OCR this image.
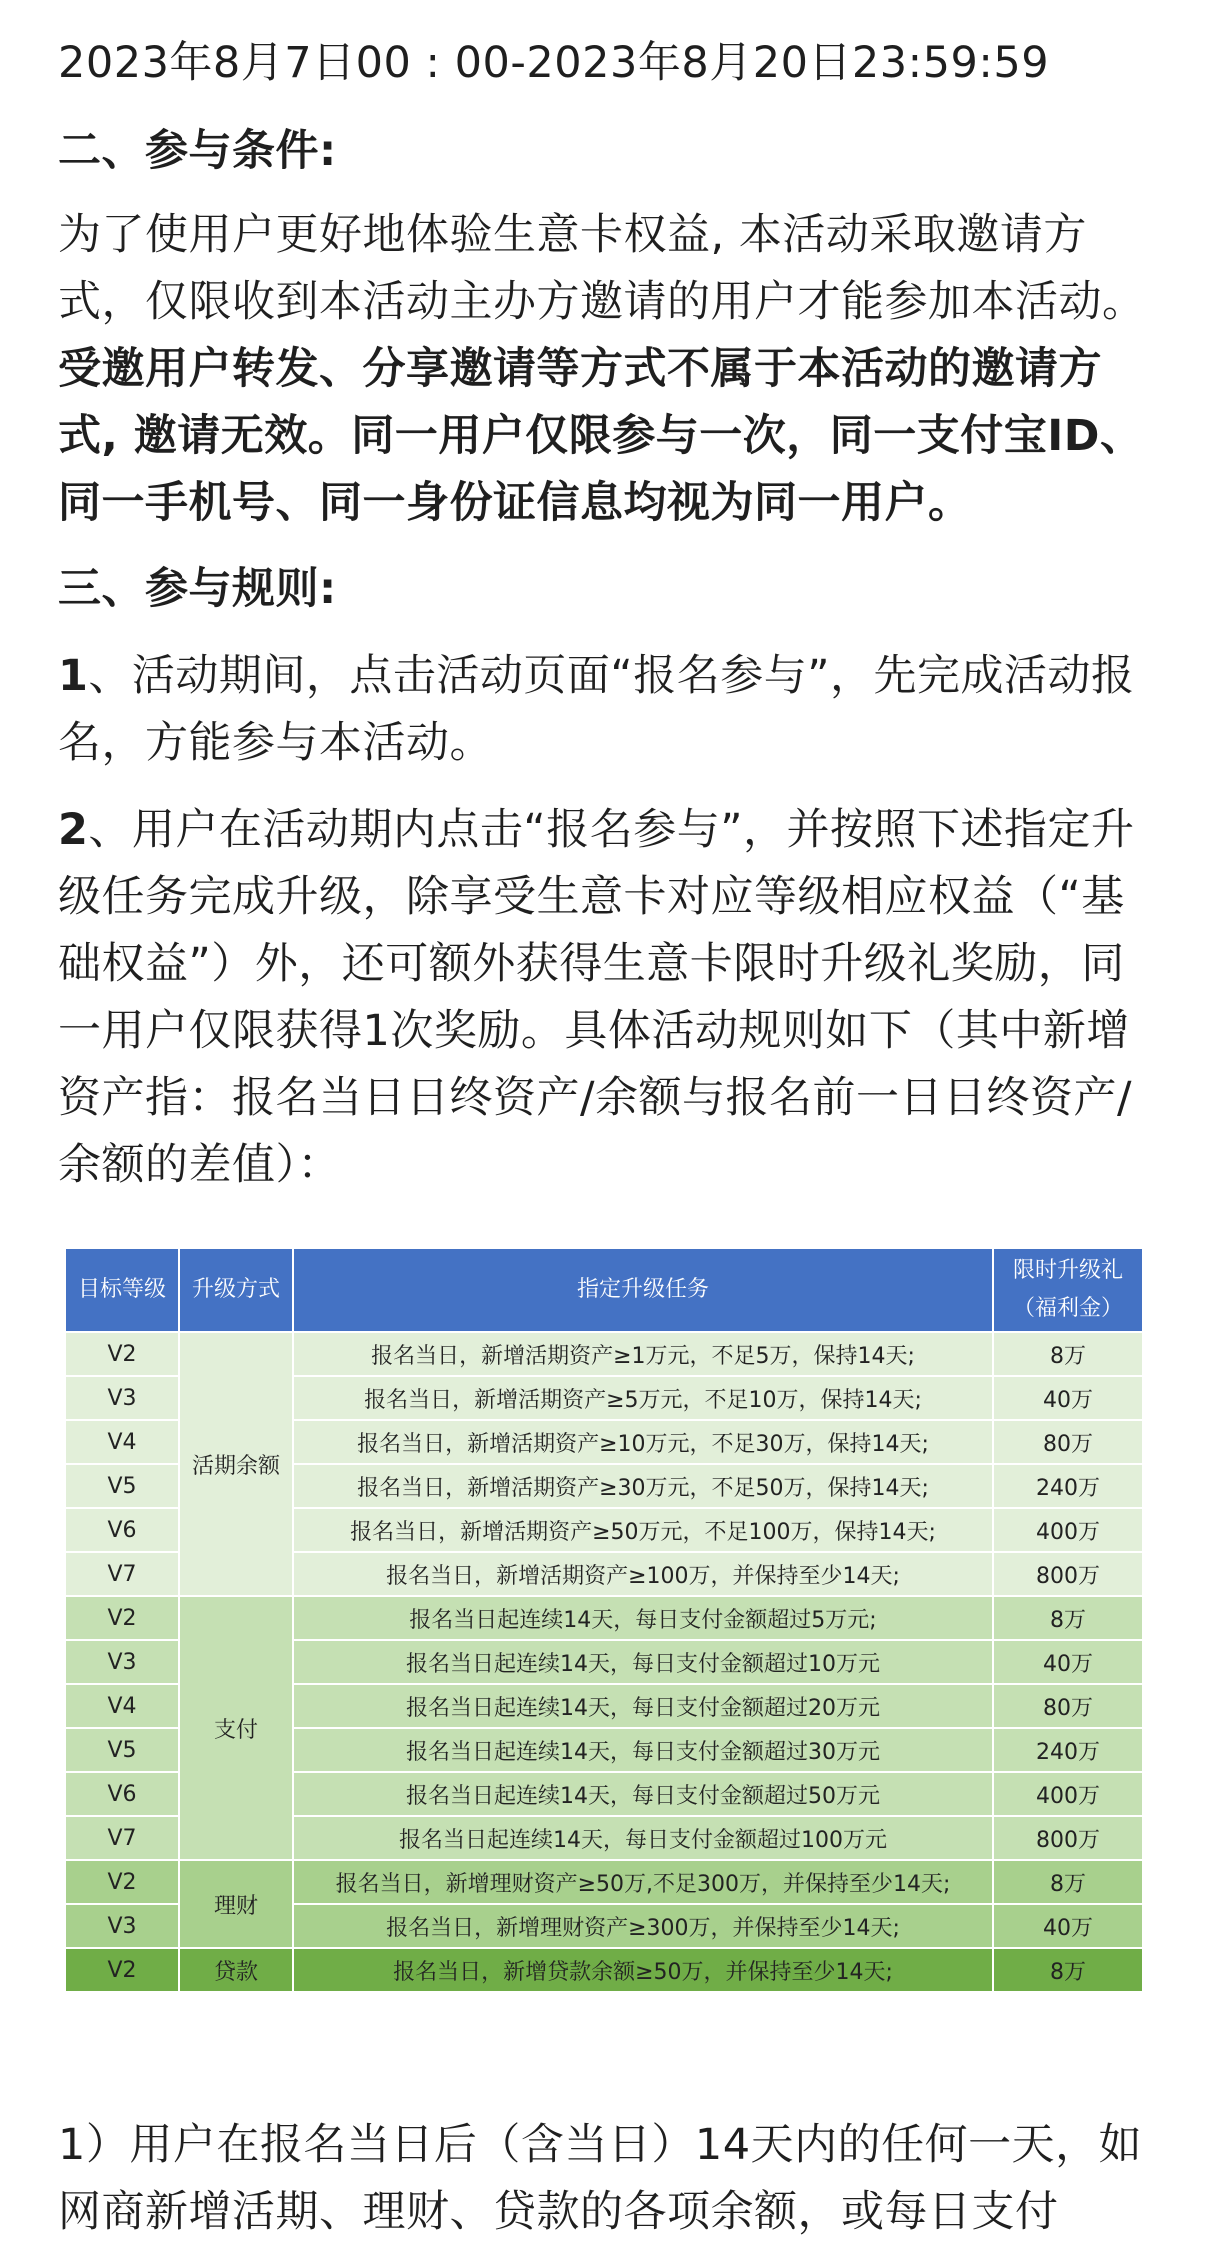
2023年8月7日00 : 00-2023年8月20日23:59:59

二、参与条件:

为了使用户更好地体验生意卡权益, 本活动采取邀请方式，仅限收到本活动主办方邀请的用户才能参加本活动。受邀用户转发、分享邀请等方式不属于本活动的邀请方式, 邀请无效。同一用户仅限参与一次，同一支付宝ID、同一手机号、同一身份证信息均视为同一用户。

三、参与规则:

1、活动期间，点击活动页面“报名参与”，先完成活动报名，方能参与本活动。

2、用户在活动期内点击“报名参与”，并按照下述指定升级任务完成升级，除享受生意卡对应等级相应权益（“基础权益”）外，还可额外获得生意卡限时升级礼奖励，同一用户仅限获得1次奖励。具体活动规则如下（其中新增资产指：报名当日日终资产/余额与报名前一日日终资产/余额的差值）：

目标等级	升级方式	指定升级任务	限时升级礼（福利金）
V2	活期余额	报名当日，新增活期资产≥1万元，不足5万，保持14天;	8万
V3		报名当日，新增活期资产≥5万元，不足10万，保持14天;	40万
V4		报名当日，新增活期资产≥10万元，不足30万，保持14天;	80万
V5		报名当日，新增活期资产≥30万元，不足50万，保持14天;	240万
V6		报名当日，新增活期资产≥50万元，不足100万，保持14天;	400万
V7		报名当日，新增活期资产≥100万，并保持至少14天;	800万
V2	支付	报名当日起连续14天，每日支付金额超过5万元;	8万
V3		报名当日起连续14天，每日支付金额超过10万元	40万
V4		报名当日起连续14天，每日支付金额超过20万元	80万
V5		报名当日起连续14天，每日支付金额超过30万元	240万
V6		报名当日起连续14天，每日支付金额超过50万元	400万
V7		报名当日起连续14天，每日支付金额超过100万元	800万
V2	理财	报名当日，新增理财资产≥50万,不足300万，并保持至少14天;	8万
V3		报名当日，新增理财资产≥300万，并保持至少14天;	40万
V2	贷款	报名当日，新增贷款余额≥50万，并保持至少14天;	8万

1）用户在报名当日后（含当日）14天内的任何一天，如网商新增活期、理财、贷款的各项余额，或每日支付
